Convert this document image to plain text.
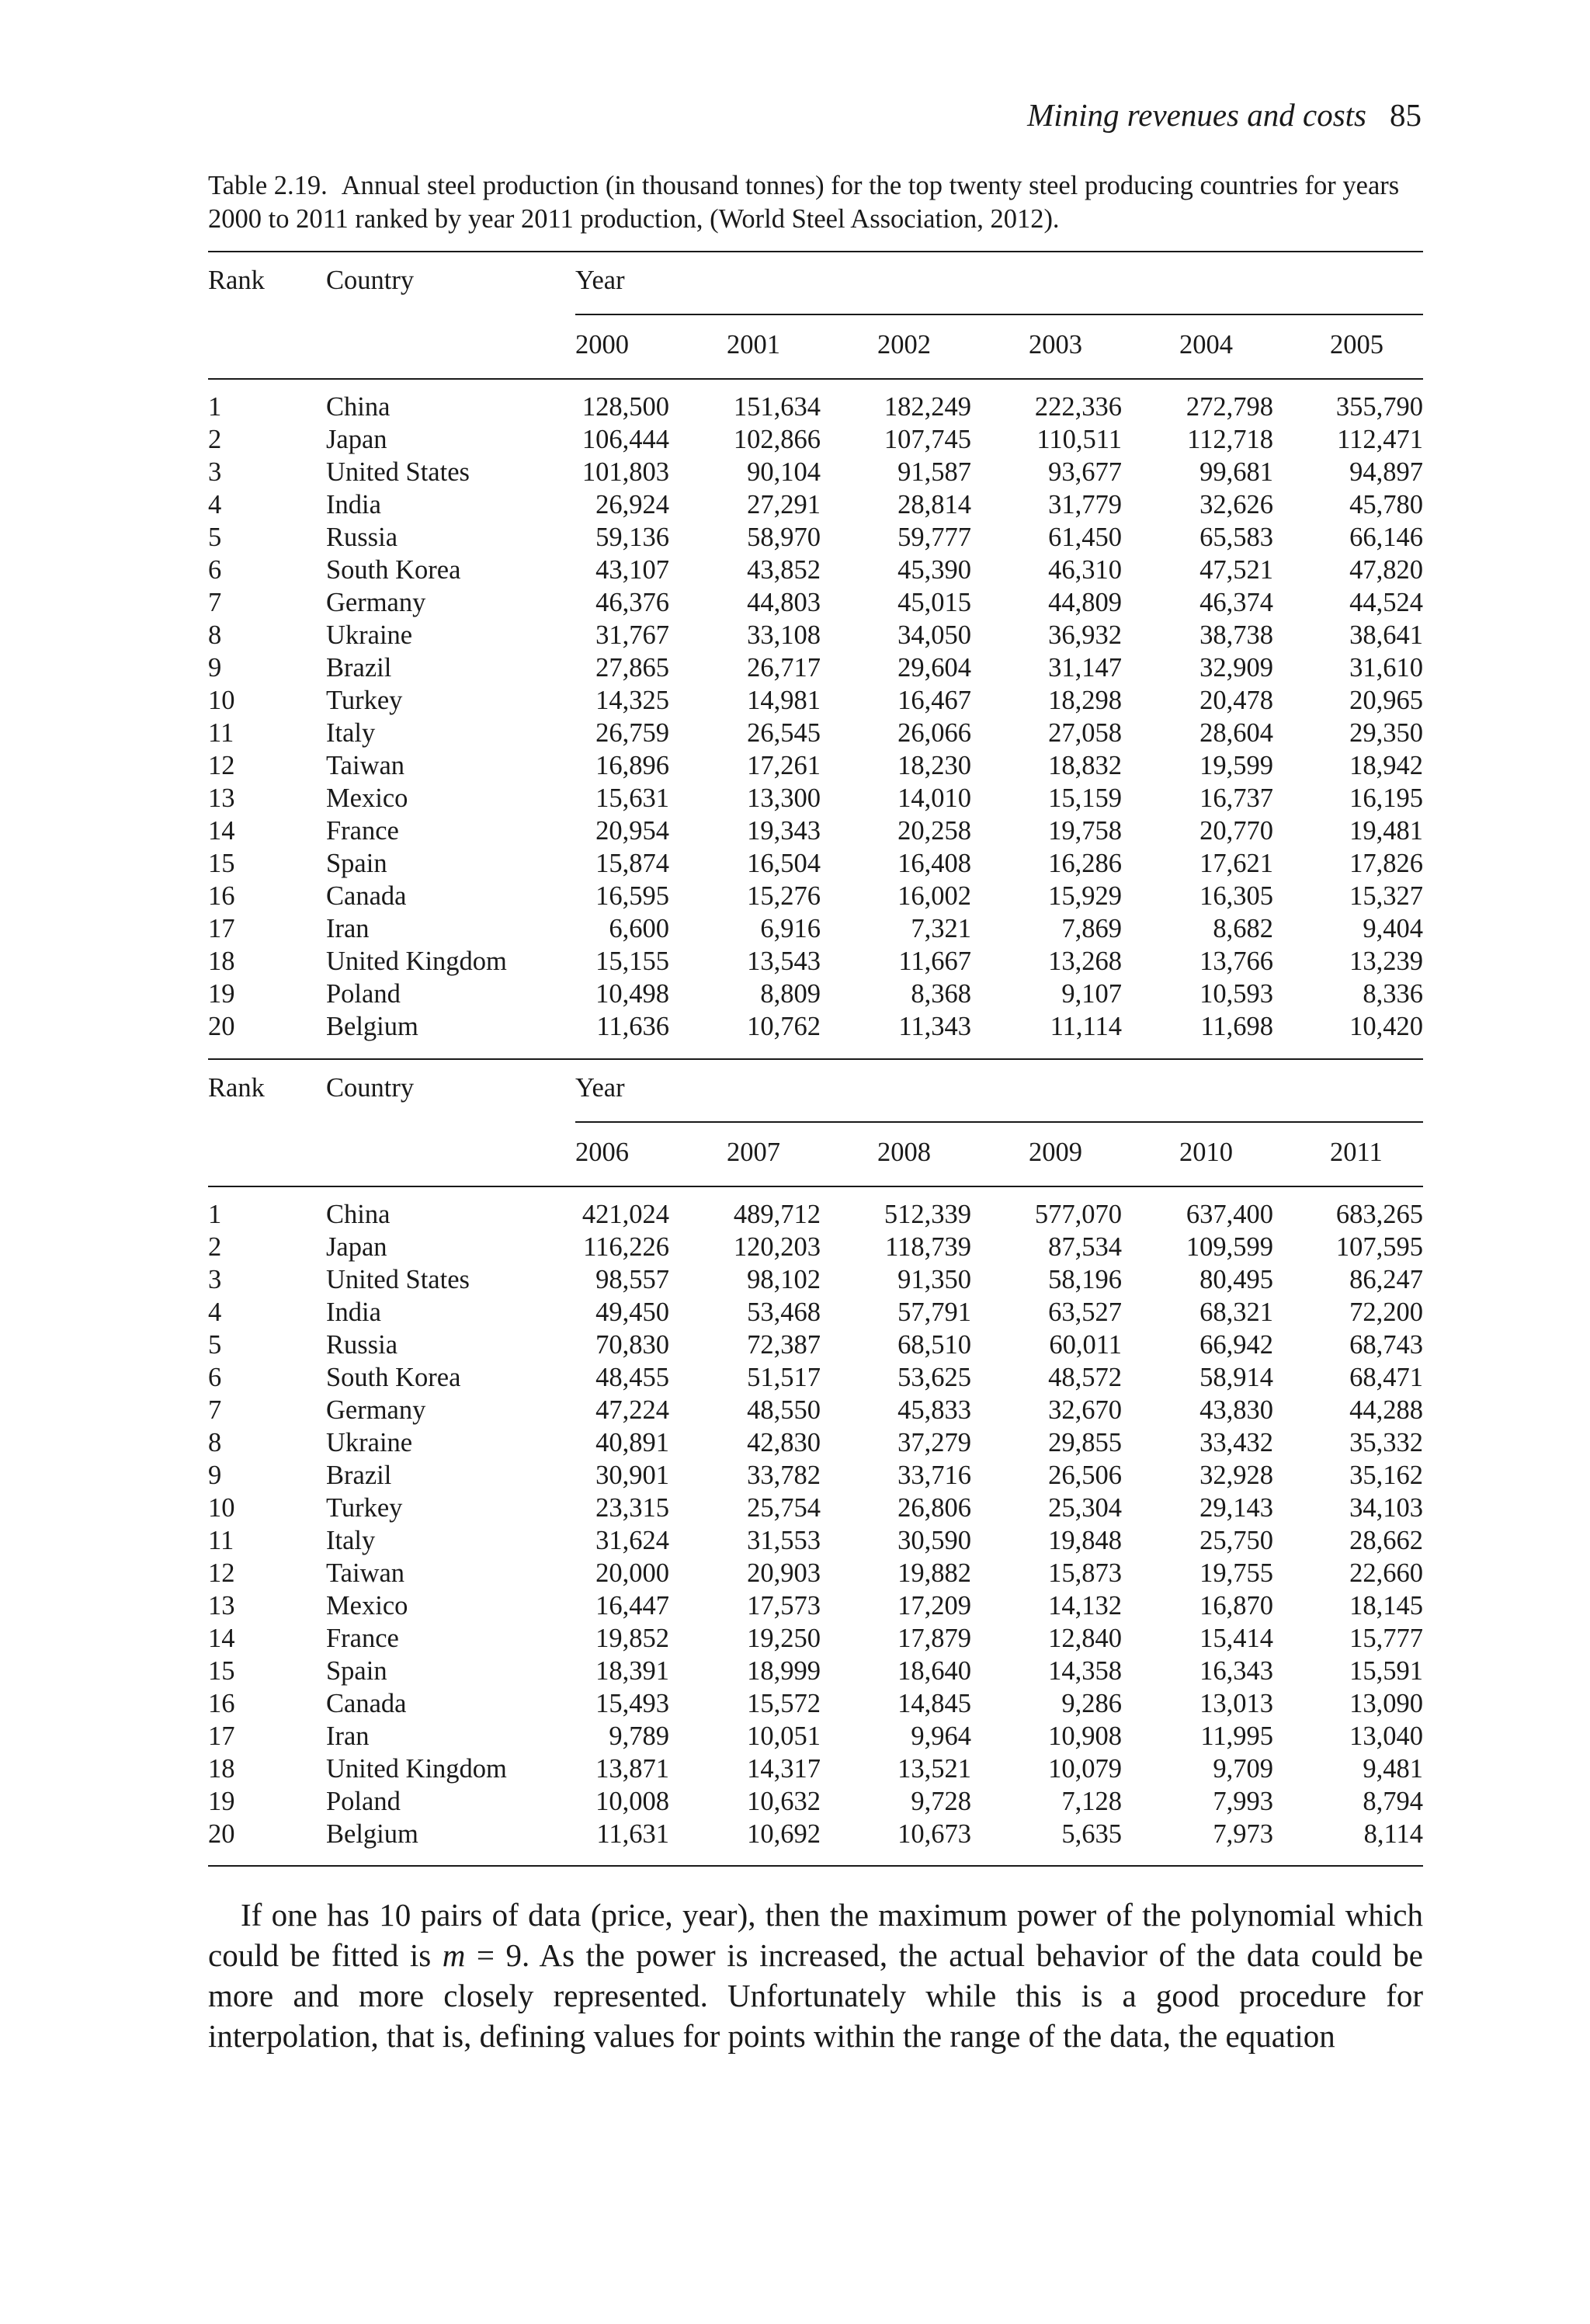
Mining revenues and costs 85
Table 2.19. Annual steel production (in thousand tonnes) for the top twenty steel producing countries for years 2000 to 2011 ranked by year 2011 production, (World Steel Association, 2012).
Rank Country	Year
2000	2001	2002	2003	2004	2005
1	China	128,500	151,634	182,249	222,336	272,798	355,790
2	Japan	106,444	102,866	107,745	110,511	112,718	112,471
3	United States	101,803	90,104	91,587	93,677	99,681	94,897
4	India	26,924	27,291	28,814	31,779	32,626	45,780
5	Russia	59,136	58,970	59,777	61,450	65,583	66,146
6	South Korea	43,107	43,852	45,390	46,310	47,521	47,820
7	Germany	46,376	44,803	45,015	44,809	46,374	44,524
8	Ukraine	31,767	33,108	34,050	36,932	38,738	38,641
9	Brazil	27,865	26,717	29,604	31,147	32,909	31,610
10	Turkey	14,325	14,981	16,467	18,298	20,478	20,965
11	Italy	26,759	26,545	26,066	27,058	28,604	29,350
12	Taiwan	16,896	17,261	18,230	18,832	19,599	18,942
13	Mexico	15,631	13,300	14,010	15,159	16,737	16,195
14	France	20,954	19,343	20,258	19,758	20,770	19,481
15	Spain	15,874	16,504	16,408	16,286	17,621	17,826
16	Canada	16,595	15,276	16,002	15,929	16,305	15,327
17	Iran	6,600	6,916	7,321	7,869	8,682	9,404
18	United Kingdom	15,155	13,543	11,667	13,268	13,766	13,239
19	Poland	10,498	8,809	8,368	9,107	10,593	8,336
20	Belgium	11,636	10,762	11,343	11,114	11,698	10,420
Rank Country	Year
2006	2007	2008	2009	2010	2011
1	China	421,024	489,712	512,339	577,070	637,400	683,265
2	Japan	116,226	120,203	118,739	87,534	109,599	107,595
3	United States	98,557	98,102	91,350	58,196	80,495	86,247
4	India	49,450	53,468	57,791	63,527	68,321	72,200
5	Russia	70,830	72,387	68,510	60,011	66,942	68,743
6	South Korea	48,455	51,517	53,625	48,572	58,914	68,471
7	Germany	47,224	48,550	45,833	32,670	43,830	44,288
8	Ukraine	40,891	42,830	37,279	29,855	33,432	35,332
9	Brazil	30,901	33,782	33,716	26,506	32,928	35,162
10	Turkey	23,315	25,754	26,806	25,304	29,143	34,103
11	Italy	31,624	31,553	30,590	19,848	25,750	28,662
12	Taiwan	20,000	20,903	19,882	15,873	19,755	22,660
13	Mexico	16,447	17,573	17,209	14,132	16,870	18,145
14	France	19,852	19,250	17,879	12,840	15,414	15,777
15	Spain	18,391	18,999	18,640	14,358	16,343	15,591
16	Canada	15,493	15,572	14,845	9,286	13,013	13,090
17	Iran	9,789	10,051	9,964	10,908	11,995	13,040
18	United Kingdom	13,871	14,317	13,521	10,079	9,709	9,481
19	Poland	10,008	10,632	9,728	7,128	7,993	8,794
20	Belgium	11,631	10,692	10,673	5,635	7,973	8,114
If one has 10 pairs of data (price, year), then the maximum power of the polynomial which could be fitted is m = 9. As the power is increased, the actual behavior of the data could be more and more closely represented. Unfortunately while this is a good procedure for interpolation, that is, defining values for points within the range of the data, the equation
